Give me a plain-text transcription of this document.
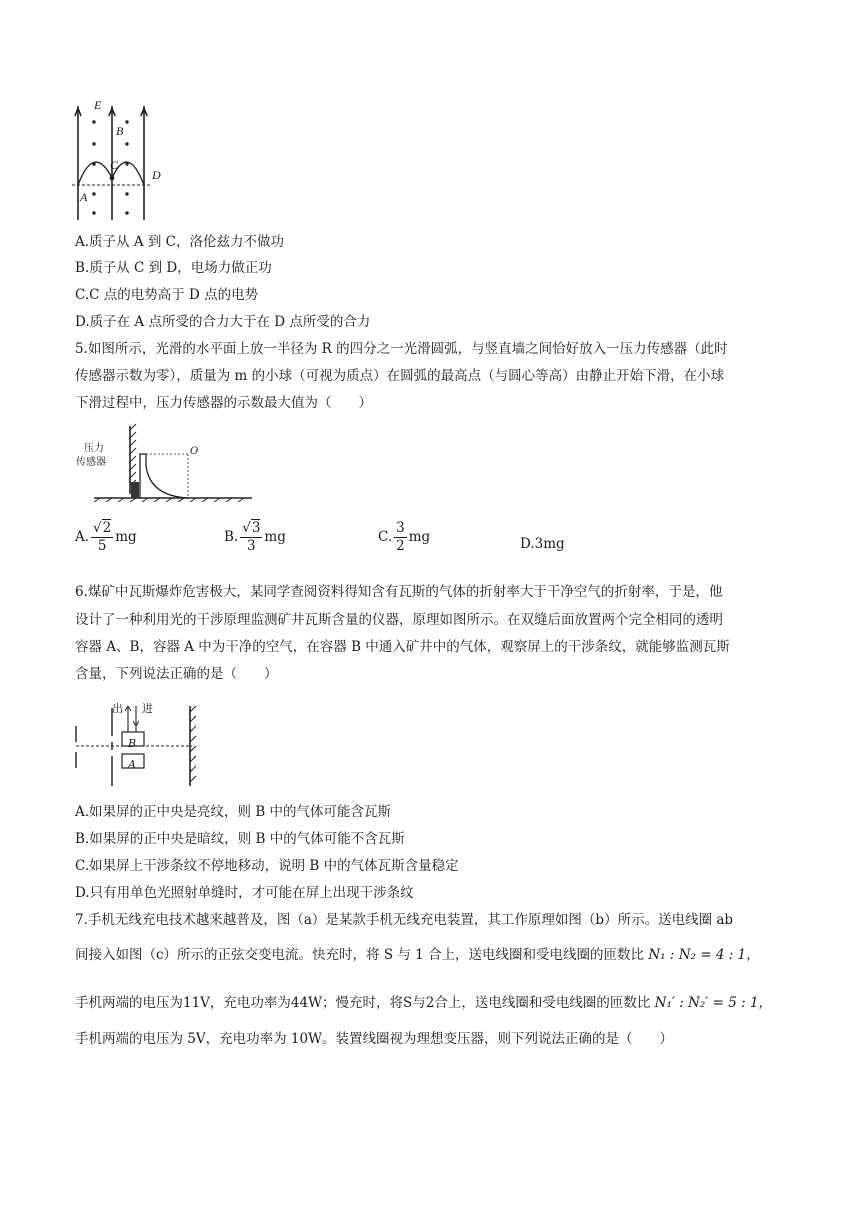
E
B
C
D
A
A.质子从 A 到 C，洛伦兹力不做功
B.质子从 C 到 D，电场力做正功
C.C 点的电势高于 D 点的电势
D.质子在 A 点所受的合力大于在 D 点所受的合力
5.如图所示，光滑的水平面上放一半径为 R 的四分之一光滑圆弧，与竖直墙之间恰好放入一压力传感器（此时
传感器示数为零），质量为 m 的小球（可视为质点）在圆弧的最高点（与圆心等高）由静止开始下滑，在小球
下滑过程中，压力传感器的示数最大值为（　　）
压力
传感器
O
A. $\frac{√2}{5}$ mg	B. $\frac{√3}{3}$ mg	C. $\frac{3}{2}$ mg	D.3mg
6.煤矿中瓦斯爆炸危害极大，某同学查阅资料得知含有瓦斯的气体的折射率大于干净空气的折射率，于是，他
设计了一种利用光的干涉原理监测矿井瓦斯含量的仪器，原理如图所示。在双缝后面放置两个完全相同的透明
容器 A、B，容器 A 中为干净的空气，在容器 B 中通入矿井中的气体，观察屏上的干涉条纹，就能够监测瓦斯
含量，下列说法正确的是（　　）
出 进
B
A
A.如果屏的正中央是亮纹，则 B 中的气体可能含瓦斯
B.如果屏的正中央是暗纹，则 B 中的气体可能不含瓦斯
C.如果屏上干涉条纹不停地移动，说明 B 中的气体瓦斯含量稳定
D.只有用单色光照射单缝时，才可能在屏上出现干涉条纹
7.手机无线充电技术越来越普及，图（a）是某款手机无线充电装置，其工作原理如图（b）所示。送电线圈 ab
间接入如图（c）所示的正弦交变电流。快充时，将 S 与 1 合上，送电线圈和受电线圈的匝数比 N₁ : N₂ = 4 : 1，
手机两端的电压为11V，充电功率为44W；慢充时，将S与2合上，送电线圈和受电线圈的匝数比 N₁′ : N₂′ = 5 : 1，
手机两端的电压为 5V，充电功率为 10W。装置线圈视为理想变压器，则下列说法正确的是（　　）
